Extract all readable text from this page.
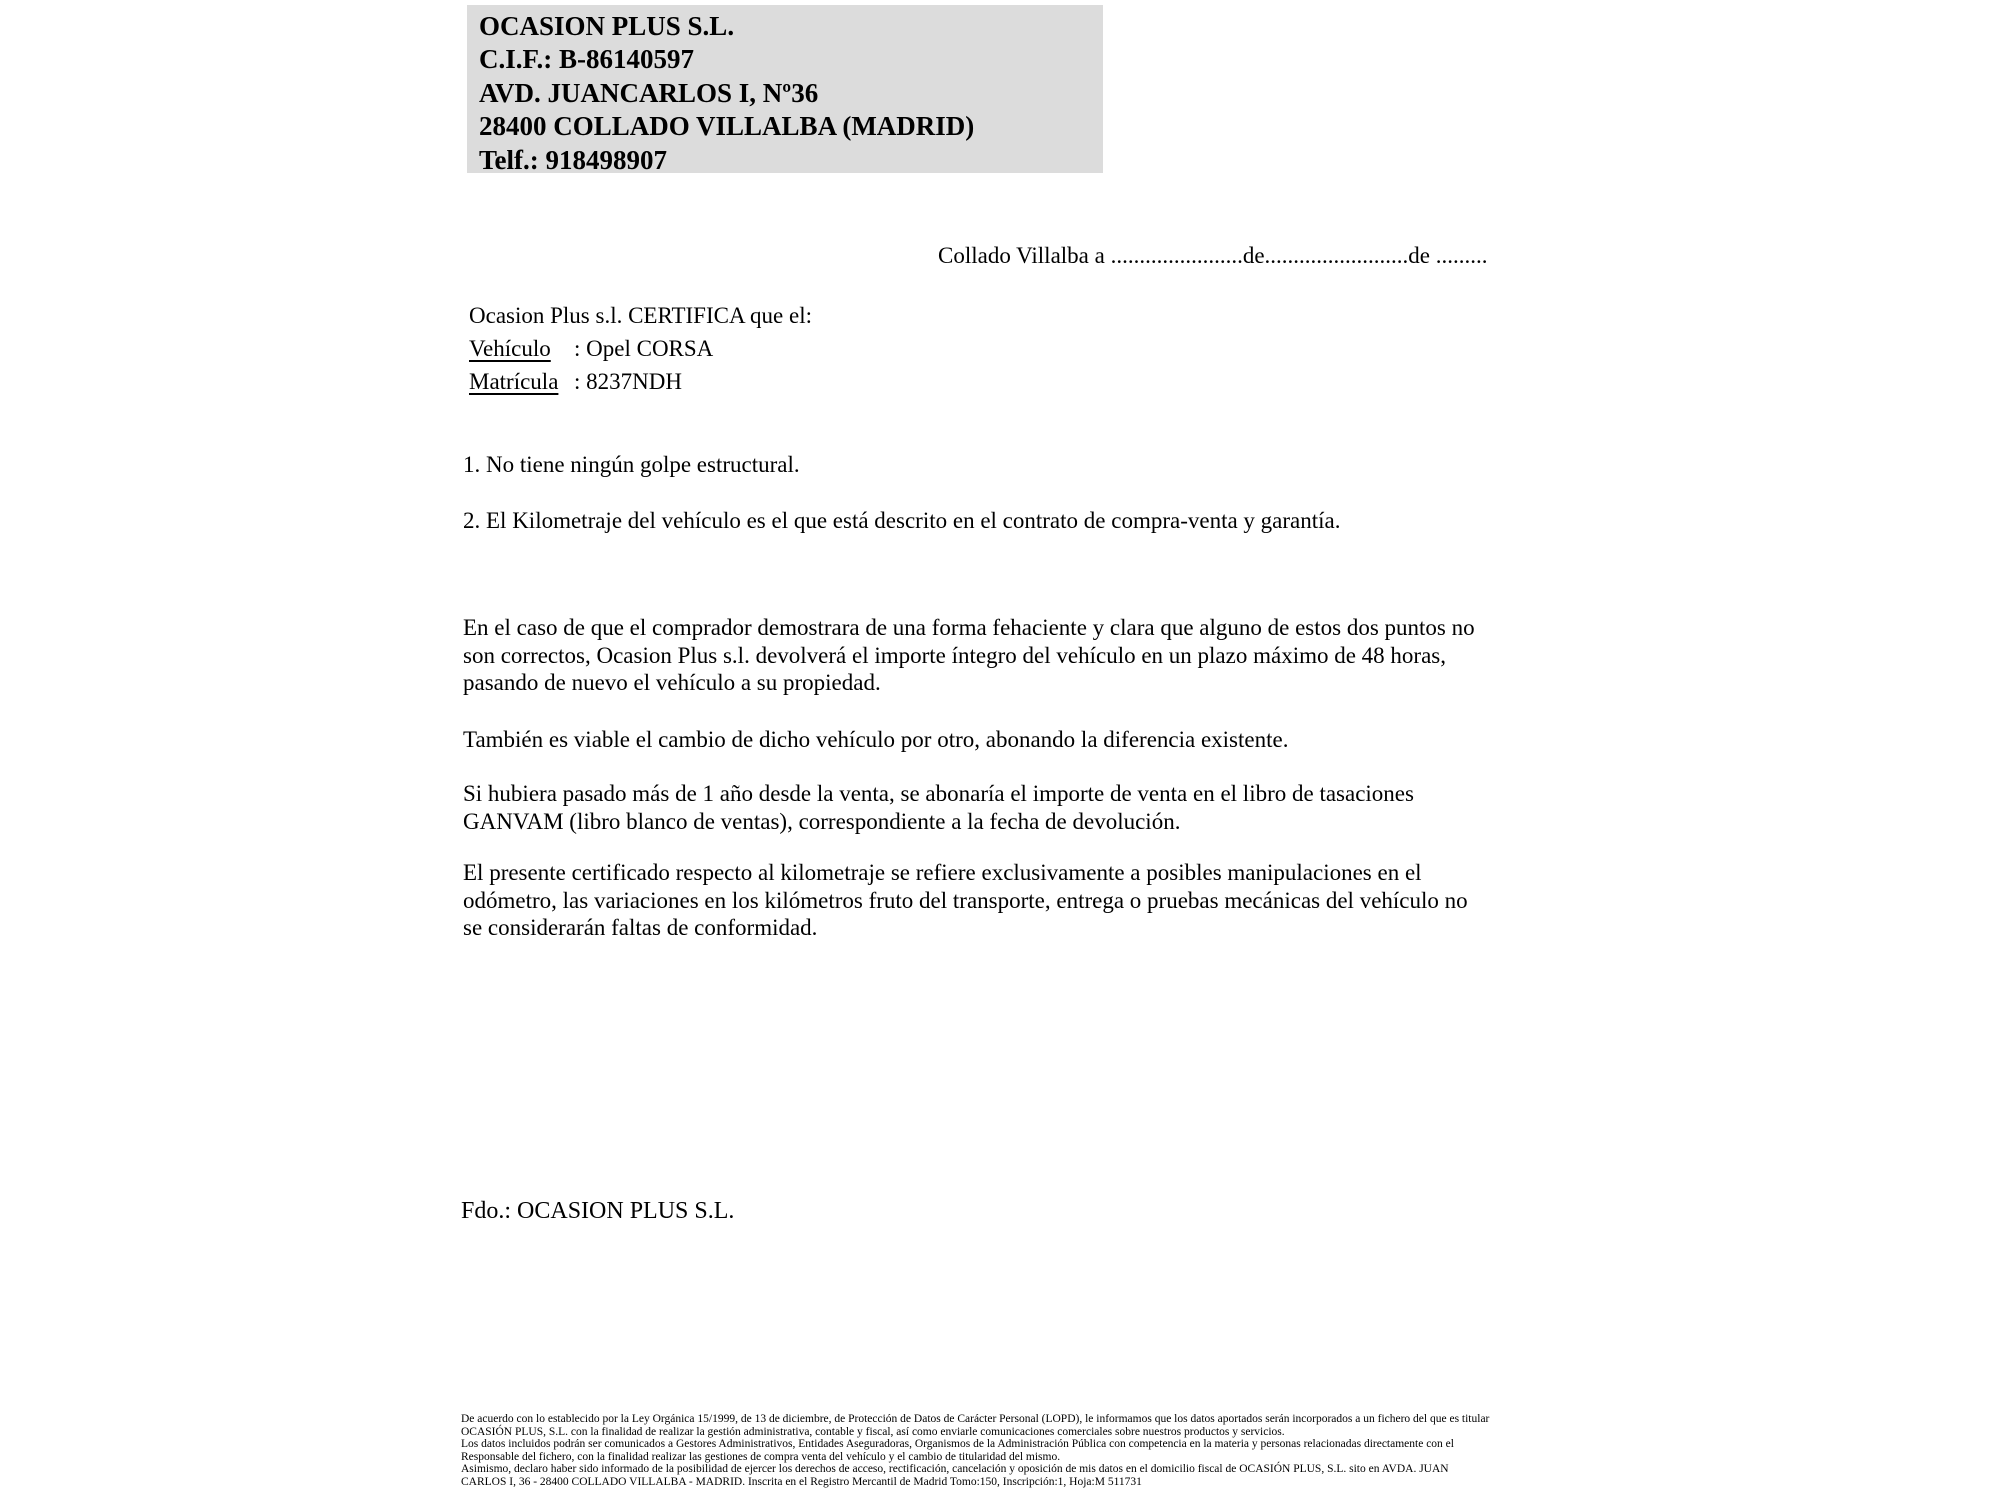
OCASION PLUS S.L.
C.I.F.: B-86140597
AVD. JUANCARLOS I, Nº36
28400 COLLADO VILLALBA (MADRID)
Telf.: 918498907
Collado Villalba a .......................de.........................de .........
Ocasion Plus s.l. CERTIFICA que el:
Vehículo : Opel CORSA
Matrícula : 8237NDH
1. No tiene ningún golpe estructural.
2. El Kilometraje del vehículo es el que está descrito en el contrato de compra-venta y garantía.
En el caso de que el comprador demostrara de una forma fehaciente y clara que alguno de estos dos puntos no
son correctos, Ocasion Plus s.l. devolverá el importe íntegro del vehículo en un plazo máximo de 48 horas,
pasando de nuevo el vehículo a su propiedad.
También es viable el cambio de dicho vehículo por otro, abonando la diferencia existente.
Si hubiera pasado más de 1 año desde la venta, se abonaría el importe de venta en el libro de tasaciones
GANVAM (libro blanco de ventas), correspondiente a la fecha de devolución.
El presente certificado respecto al kilometraje se refiere exclusivamente a posibles manipulaciones en el
odómetro, las variaciones en los kilómetros fruto del transporte, entrega o pruebas mecánicas del vehículo no
se considerarán faltas de conformidad.
Fdo.: OCASION PLUS S.L.
De acuerdo con lo establecido por la Ley Orgánica 15/1999, de 13 de diciembre, de Protección de Datos de Carácter Personal (LOPD), le informamos que los datos aportados serán incorporados a un fichero del que es titular
OCASIÓN PLUS, S.L. con la finalidad de realizar la gestión administrativa, contable y fiscal, así como enviarle comunicaciones comerciales sobre nuestros productos y servicios.
Los datos incluidos podrán ser comunicados a Gestores Administrativos, Entidades Aseguradoras, Organismos de la Administración Pública con competencia en la materia y personas relacionadas directamente con el
Responsable del fichero, con la finalidad realizar las gestiones de compra venta del vehículo y el cambio de titularidad del mismo.
Asimismo, declaro haber sido informado de la posibilidad de ejercer los derechos de acceso, rectificación, cancelación y oposición de mis datos en el domicilio fiscal de OCASIÓN PLUS, S.L. sito en AVDA. JUAN
CARLOS I, 36 - 28400 COLLADO VILLALBA - MADRID. Inscrita en el Registro Mercantil de Madrid Tomo:150, Inscripción:1, Hoja:M 511731
